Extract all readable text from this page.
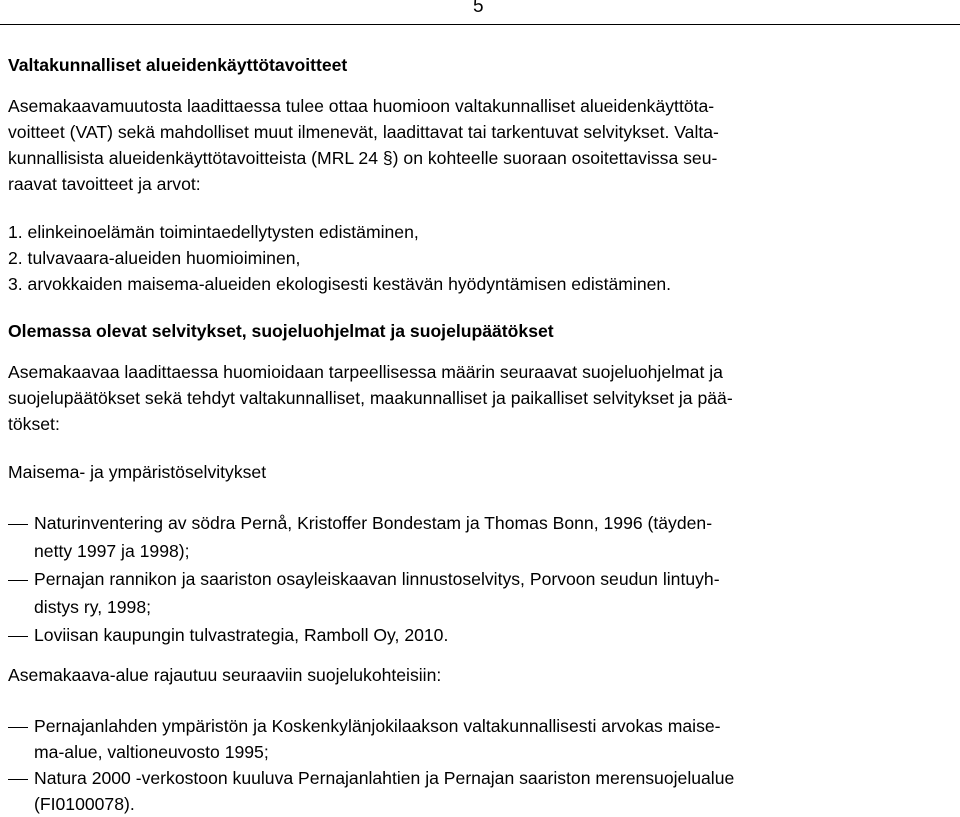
5
Valtakunnalliset alueidenkäyttötavoitteet
Asemakaavamuutosta laadittaessa tulee ottaa huomioon valtakunnalliset alueidenkäyttöta-
voitteet (VAT) sekä mahdolliset muut ilmenevät, laadittavat tai tarkentuvat selvitykset. Valta-
kunnallisista alueidenkäyttötavoitteista (MRL 24 §) on kohteelle suoraan osoitettavissa seu-
raavat tavoitteet ja arvot:
1. elinkeinoelämän toimintaedellytysten edistäminen,
2. tulvavaara-alueiden huomioiminen,
3. arvokkaiden maisema-alueiden ekologisesti kestävän hyödyntämisen edistäminen.
Olemassa olevat selvitykset, suojeluohjelmat ja suojelupäätökset
Asemakaavaa laadittaessa huomioidaan tarpeellisessa määrin seuraavat suojeluohjelmat ja
suojelupäätökset sekä tehdyt valtakunnalliset, maakunnalliset ja paikalliset selvitykset ja pää-
tökset:
Maisema- ja ympäristöselvitykset
Naturinventering av södra Pernå, Kristoffer Bondestam ja Thomas Bonn, 1996 (täyden-
netty 1997 ja 1998);
Pernajan rannikon ja saariston osayleiskaavan linnustoselvitys, Porvoon seudun lintuyh-
distys ry, 1998;
Loviisan kaupungin tulvastrategia, Ramboll Oy, 2010.
Asemakaava-alue rajautuu seuraaviin suojelukohteisiin:
Pernajanlahden ympäristön ja Koskenkylänjokilaakson valtakunnallisesti arvokas maise-
ma-alue, valtioneuvosto 1995;
Natura 2000 -verkostoon kuuluva Pernajanlahtien ja Pernajan saariston merensuojelualue
(FI0100078).
